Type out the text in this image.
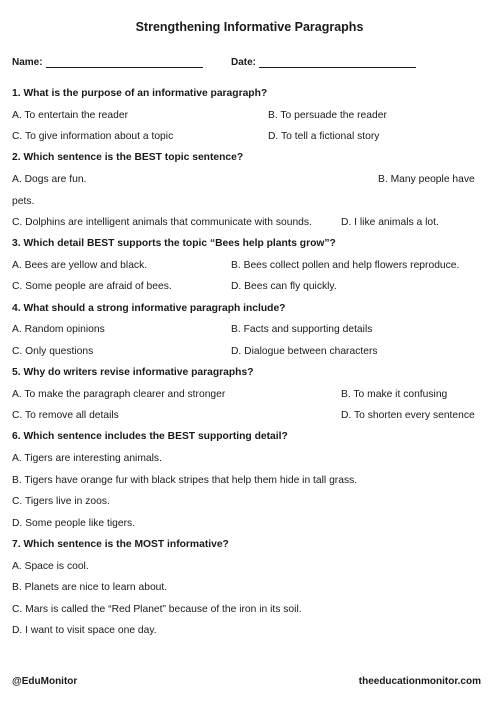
Strengthening Informative Paragraphs
Name:	Date:
1. What is the purpose of an informative paragraph?
A. To entertain the reader	B. To persuade the reader
C. To give information about a topic	D. To tell a fictional story
2. Which sentence is the BEST topic sentence?
A. Dogs are fun.	B. Many people have
pets.
C. Dolphins are intelligent animals that communicate with sounds.	D. I like animals a lot.
3. Which detail BEST supports the topic “Bees help plants grow”?
A. Bees are yellow and black.	B. Bees collect pollen and help flowers reproduce.
C. Some people are afraid of bees.	D. Bees can fly quickly.
4. What should a strong informative paragraph include?
A. Random opinions	B. Facts and supporting details
C. Only questions	D. Dialogue between characters
5. Why do writers revise informative paragraphs?
A. To make the paragraph clearer and stronger	B. To make it confusing
C. To remove all details	D. To shorten every sentence
6. Which sentence includes the BEST supporting detail?
A. Tigers are interesting animals.
B. Tigers have orange fur with black stripes that help them hide in tall grass.
C. Tigers live in zoos.
D. Some people like tigers.
7. Which sentence is the MOST informative?
A. Space is cool.
B. Planets are nice to learn about.
C. Mars is called the “Red Planet” because of the iron in its soil.
D. I want to visit space one day.
@EduMonitor	theeducationmonitor.com
